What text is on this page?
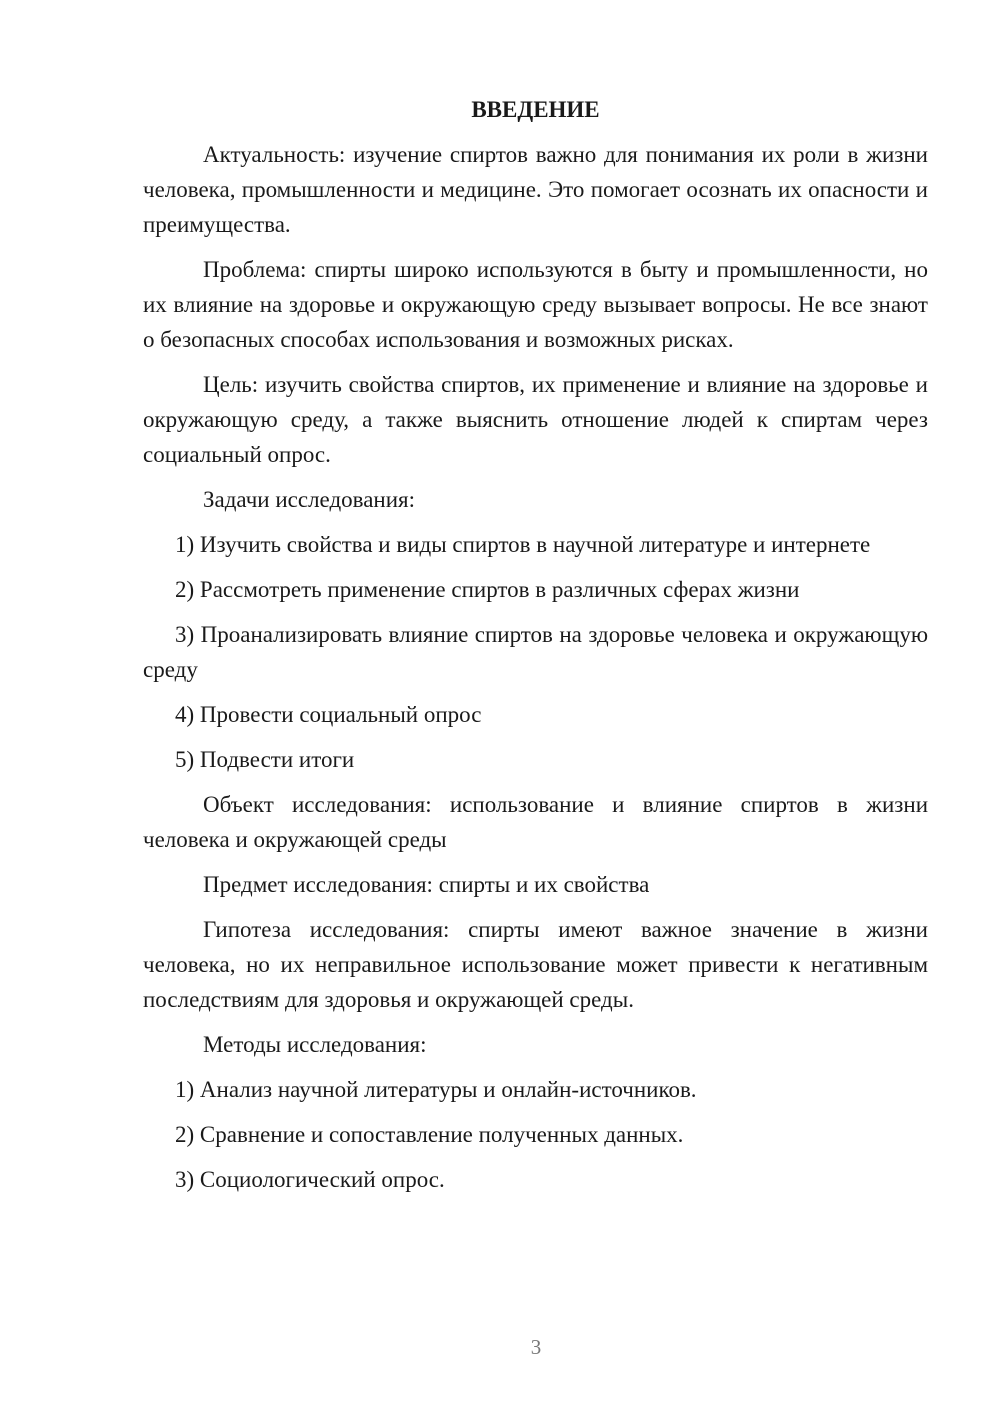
ВВЕДЕНИЕ

Актуальность: изучение спиртов важно для понимания их роли в жизни человека, промышленности и медицине. Это помогает осознать их опасности и преимущества.

Проблема: спирты широко используются в быту и промышленности, но их влияние на здоровье и окружающую среду вызывает вопросы. Не все знают о безопасных способах использования и возможных рисках.

Цель: изучить свойства спиртов, их применение и влияние на здоровье и окружающую среду, а также выяснить отношение людей к спиртам через социальный опрос.

Задачи исследования:

1) Изучить свойства и виды спиртов в научной литературе и интернете

2) Рассмотреть применение спиртов в различных сферах жизни

3) Проанализировать влияние спиртов на здоровье человека и окружающую среду

4) Провести социальный опрос

5) Подвести итоги

Объект исследования: использование и влияние спиртов в жизни человека и окружающей среды

Предмет исследования: спирты и их свойства

Гипотеза исследования: спирты имеют важное значение в жизни человека, но их неправильное использование может привести к негативным последствиям для здоровья и окружающей среды.

Методы исследования:

1) Анализ научной литературы и онлайн-источников.

2) Сравнение и сопоставление полученных данных.

3) Социологический опрос.

3
